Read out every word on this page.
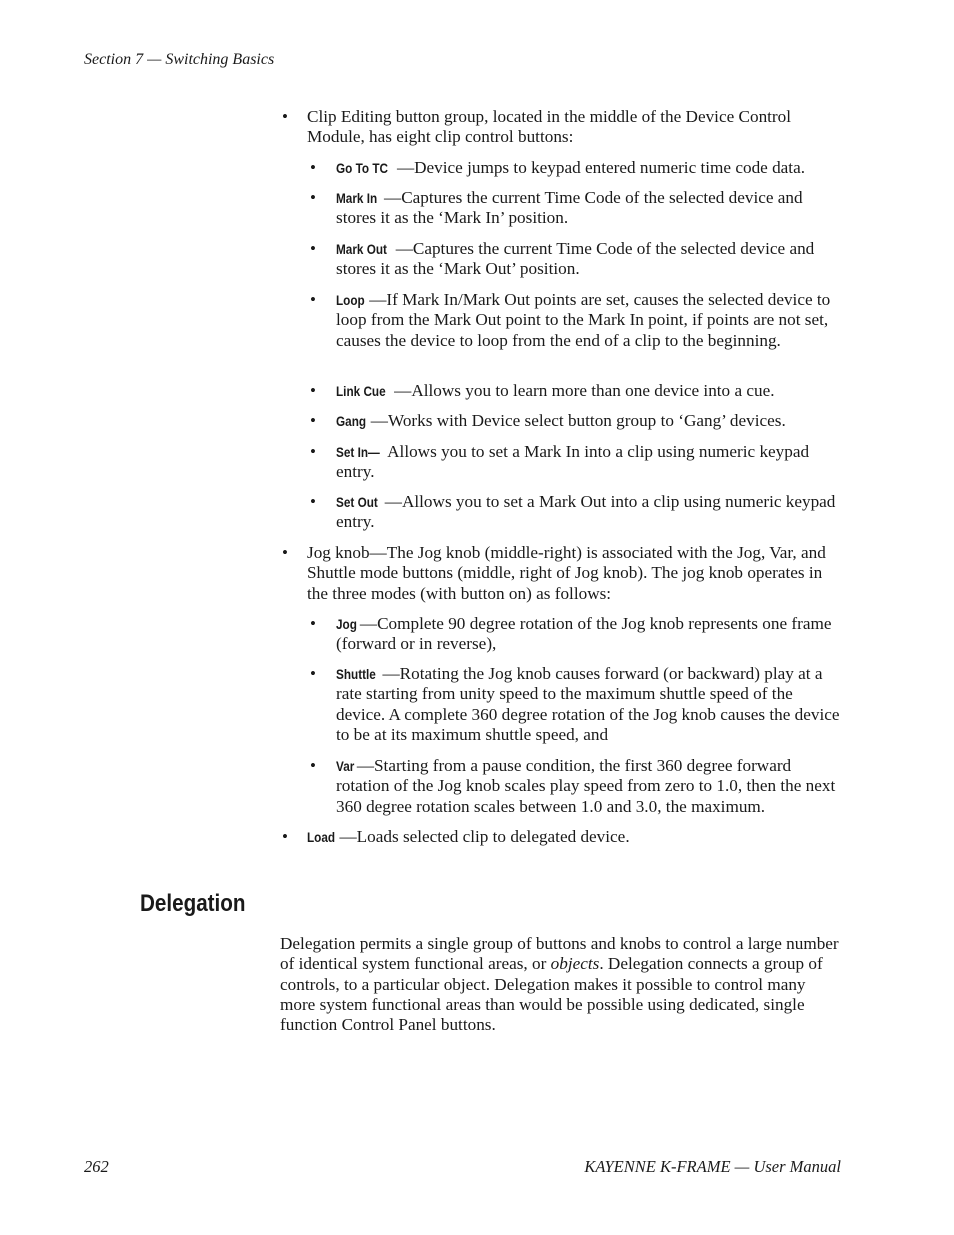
Section 7 — Switching Basics
• Clip Editing button group, located in the middle of the Device Control Module, has eight clip control buttons:
• Go To TC —Device jumps to keypad entered numeric time code data.
• Mark In —Captures the current Time Code of the selected device and stores it as the ‘Mark In’ position.
• Mark Out —Captures the current Time Code of the selected device and stores it as the ‘Mark Out’ position.
• Loop —If Mark In/Mark Out points are set, causes the selected device to loop from the Mark Out point to the Mark In point, if points are not set, causes the device to loop from the end of a clip to the beginning.
• Link Cue —Allows you to learn more than one device into a cue.
• Gang —Works with Device select button group to ‘Gang’ devices.
• Set In— Allows you to set a Mark In into a clip using numeric keypad entry.
• Set Out —Allows you to set a Mark Out into a clip using numeric keypad entry.
• Jog knob—The Jog knob (middle-right) is associated with the Jog, Var, and Shuttle mode buttons (middle, right of Jog knob). The jog knob operates in the three modes (with button on) as follows:
• Jog —Complete 90 degree rotation of the Jog knob represents one frame (forward or in reverse),
• Shuttle —Rotating the Jog knob causes forward (or backward) play at a rate starting from unity speed to the maximum shuttle speed of the device. A complete 360 degree rotation of the Jog knob causes the device to be at its maximum shuttle speed, and
• Var —Starting from a pause condition, the first 360 degree forward rotation of the Jog knob scales play speed from zero to 1.0, then the next 360 degree rotation scales between 1.0 and 3.0, the maximum.
• Load —Loads selected clip to delegated device.
Delegation
Delegation permits a single group of buttons and knobs to control a large number of identical system functional areas, or objects. Delegation connects a group of controls, to a particular object. Delegation makes it possible to control many more system functional areas than would be possible using dedicated, single function Control Panel buttons.
262	KAYENNE K-FRAME — User Manual
